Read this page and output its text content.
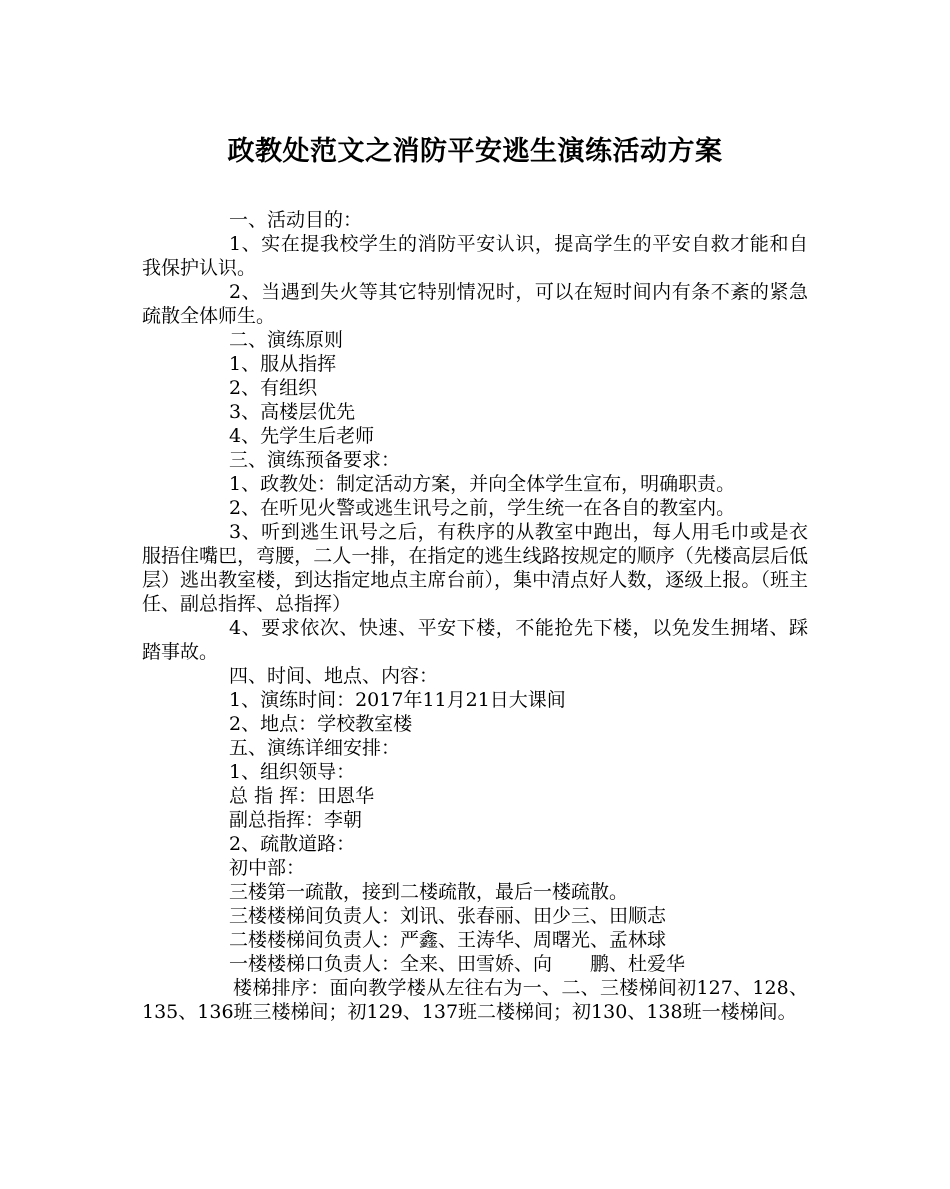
政教处范文之消防平安逃生演练活动方案

一、活动目的：

1、实在提我校学生的消防平安认识，提高学生的平安自救才能和自我保护认识。

2、当遇到失火等其它特别情况时，可以在短时间内有条不紊的紧急疏散全体师生。

二、演练原则

1、服从指挥

2、有组织

3、高楼层优先

4、先学生后老师

三、演练预备要求：

1、政教处：制定活动方案，并向全体学生宣布，明确职责。

2、在听见火警或逃生讯号之前，学生统一在各自的教室内。

3、听到逃生讯号之后，有秩序的从教室中跑出，每人用毛巾或是衣服捂住嘴巴，弯腰，二人一排，在指定的逃生线路按规定的顺序（先楼高层后低层）逃出教室楼，到达指定地点主席台前），集中清点好人数，逐级上报。（班主任、副总指挥、总指挥）

4、要求依次、快速、平安下楼，不能抢先下楼，以免发生拥堵、踩踏事故。

四、时间、地点、内容：

1、演练时间：2017年11月21日大课间

2、地点：学校教室楼

五、演练详细安排：

1、组织领导：

总 指 挥：田恩华

副总指挥：李朝

2、疏散道路：

初中部：

三楼第一疏散，接到二楼疏散，最后一楼疏散。

三楼楼梯间负责人：刘讯、张春丽、田少三、田顺志

二楼楼梯间负责人：严鑫、王涛华、周曙光、孟林球

一楼楼梯口负责人：全来、田雪娇、向　　鹏、杜爱华

楼梯排序：面向教学楼从左往右为一、二、三楼梯间初127、128、135、136班三楼梯间；初129、137班二楼梯间；初130、138班一楼梯间。
